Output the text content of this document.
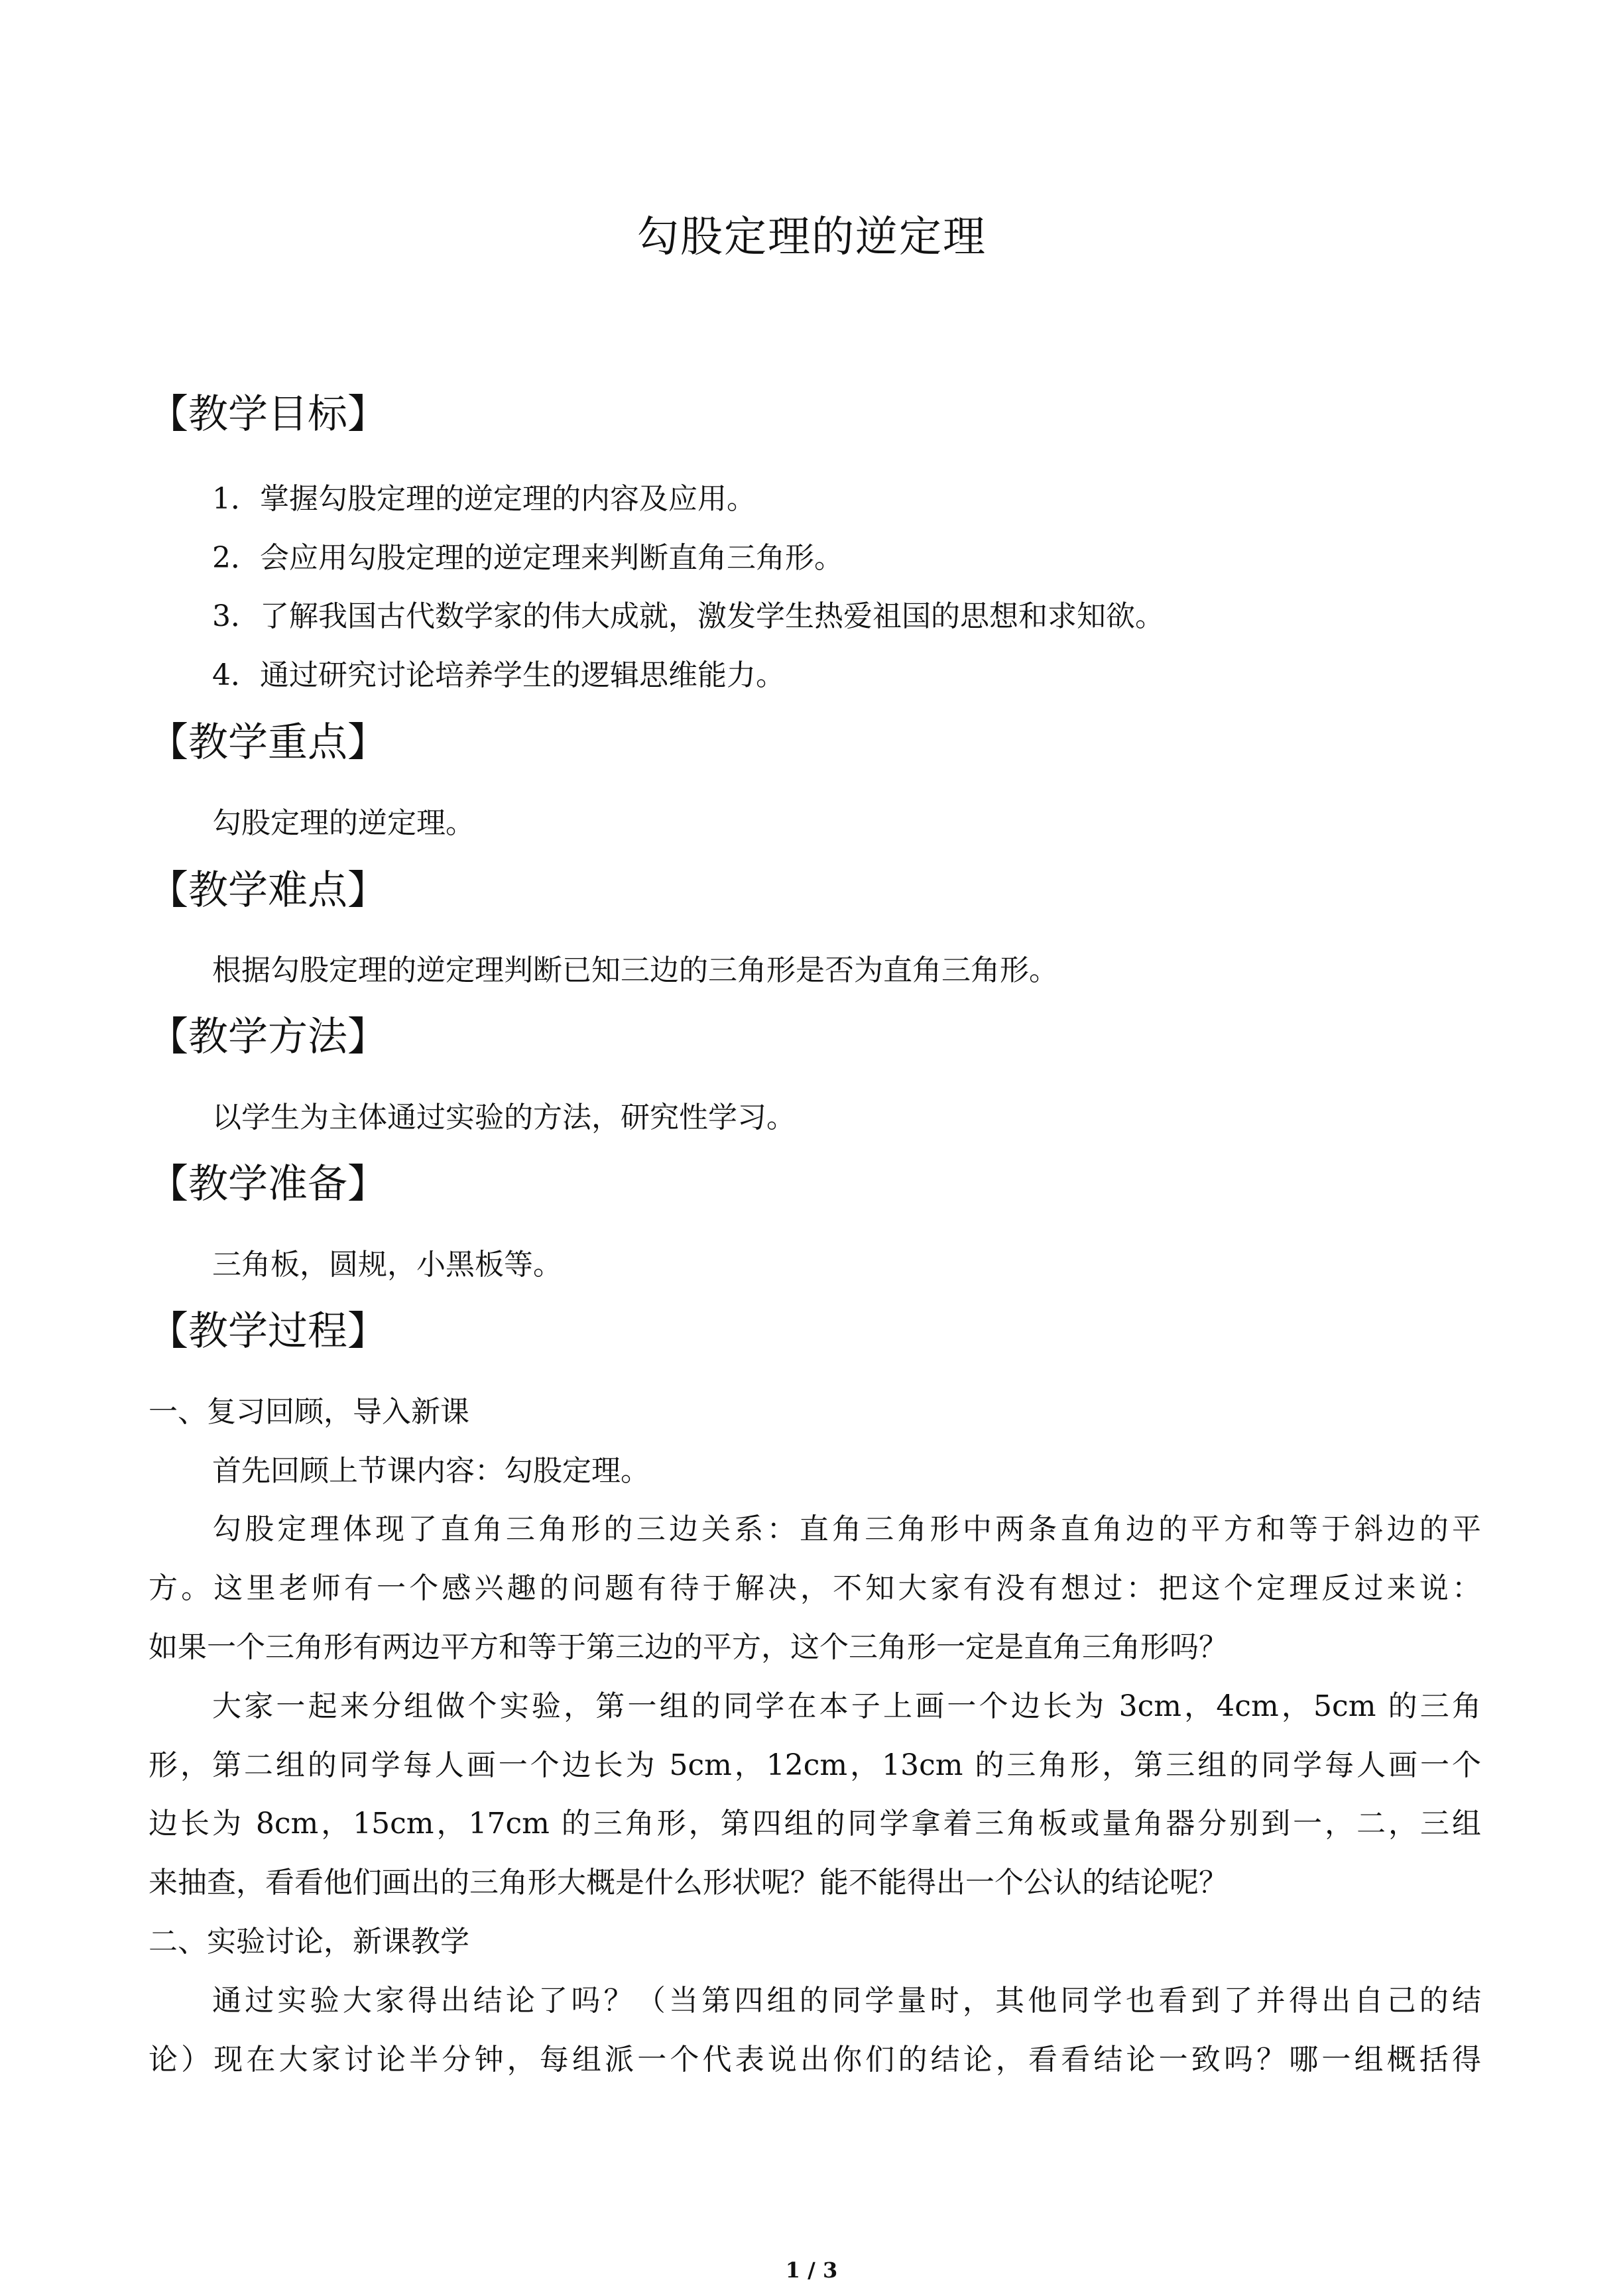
勾股定理的逆定理
【教学目标】
1．掌握勾股定理的逆定理的内容及应用。
2．会应用勾股定理的逆定理来判断直角三角形。
3．了解我国古代数学家的伟大成就，激发学生热爱祖国的思想和求知欲。
4．通过研究讨论培养学生的逻辑思维能力。
【教学重点】
勾股定理的逆定理。
【教学难点】
根据勾股定理的逆定理判断已知三边的三角形是否为直角三角形。
【教学方法】
以学生为主体通过实验的方法，研究性学习。
【教学准备】
三角板，圆规，小黑板等。
【教学过程】
一、复习回顾，导入新课
首先回顾上节课内容：勾股定理。
勾股定理体现了直角三角形的三边关系：直角三角形中两条直角边的平方和等于斜边的平
方。这里老师有一个感兴趣的问题有待于解决，不知大家有没有想过：把这个定理反过来说：
如果一个三角形有两边平方和等于第三边的平方，这个三角形一定是直角三角形吗？
大家一起来分组做个实验，第一组的同学在本子上画一个边长为 3cm，4cm，5cm 的三角
形，第二组的同学每人画一个边长为 5cm，12cm，13cm 的三角形，第三组的同学每人画一个
边长为 8cm，15cm，17cm 的三角形，第四组的同学拿着三角板或量角器分别到一，二，三组
来抽查，看看他们画出的三角形大概是什么形状呢？能不能得出一个公认的结论呢？
二、实验讨论，新课教学
通过实验大家得出结论了吗？（当第四组的同学量时，其他同学也看到了并得出自己的结
论）现在大家讨论半分钟，每组派一个代表说出你们的结论，看看结论一致吗？哪一组概括得
1 / 3
